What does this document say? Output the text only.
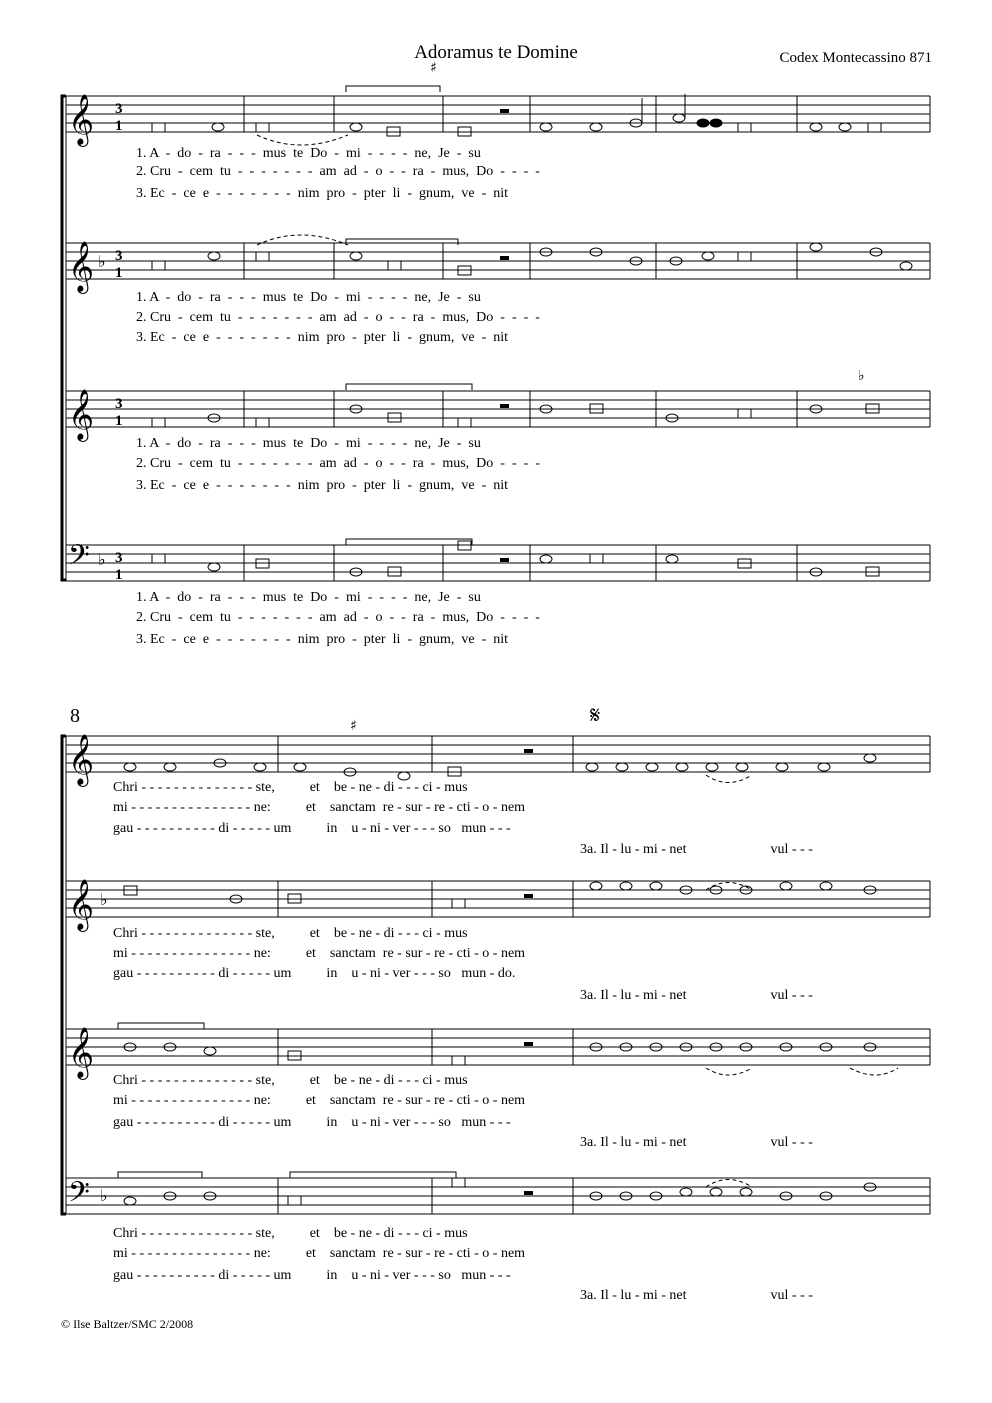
Adoramus te Domine	Codex Montecassino 871
8	𝄋
© Ilse Baltzer/SMC 2/2008
𝄞
𝄞
𝄞
𝄢
♭
♭
♯
♭
3
1
3
1
3
1
3
1
𝄞
𝄞
𝄞
𝄢
♭
♭
♯
1. A  -  do  -  ra  -  -  -  mus  te  Do  -  mi  -  -  -  -  ne,  Je  -  su
2. Cru  -  cem  tu  -  -  -  -  -  -  -  am  ad  -  o  -  -  ra  -  mus,  Do  -  -  -  -
3. Ec  -  ce  e  -  -  -  -  -  -  -  nim  pro  -  pter  li  -  gnum,  ve  -  nit
1. A  -  do  -  ra  -  -  -  mus  te  Do  -  mi  -  -  -  -  ne,  Je  -  su
2. Cru  -  cem  tu  -  -  -  -  -  -  -  am  ad  -  o  -  -  ra  -  mus,  Do  -  -  -  -
3. Ec  -  ce  e  -  -  -  -  -  -  -  nim  pro  -  pter  li  -  gnum,  ve  -  nit
1. A  -  do  -  ra  -  -  -  mus  te  Do  -  mi  -  -  -  -  ne,  Je  -  su
2. Cru  -  cem  tu  -  -  -  -  -  -  -  am  ad  -  o  -  -  ra  -  mus,  Do  -  -  -  -
3. Ec  -  ce  e  -  -  -  -  -  -  -  nim  pro  -  pter  li  -  gnum,  ve  -  nit
1. A  -  do  -  ra  -  -  -  mus  te  Do  -  mi  -  -  -  -  ne,  Je  -  su
2. Cru  -  cem  tu  -  -  -  -  -  -  -  am  ad  -  o  -  -  ra  -  mus,  Do  -  -  -  -
3. Ec  -  ce  e  -  -  -  -  -  -  -  nim  pro  -  pter  li  -  gnum,  ve  -  nit
Chri - - - - - - - - - - - - - - ste,          et    be - ne - di - - - ci - mus
mi - - - - - - - - - - - - - - - ne:          et    sanctam  re - sur - re - cti - o - nem
gau - - - - - - - - - - di - - - - - um          in    u - ni - ver - - - so   mun - - -
3a. Il - lu - mi - net                        vul - - -
Chri - - - - - - - - - - - - - - ste,          et    be - ne - di - - - ci - mus
mi - - - - - - - - - - - - - - - ne:          et    sanctam  re - sur - re - cti - o - nem
gau - - - - - - - - - - di - - - - - um          in    u - ni - ver - - - so   mun - do.
3a. Il - lu - mi - net                        vul - - -
Chri - - - - - - - - - - - - - - ste,          et    be - ne - di - - - ci - mus
mi - - - - - - - - - - - - - - - ne:          et    sanctam  re - sur - re - cti - o - nem
gau - - - - - - - - - - di - - - - - um          in    u - ni - ver - - - so   mun - - -
3a. Il - lu - mi - net                        vul - - -
Chri - - - - - - - - - - - - - - ste,          et    be - ne - di - - - ci - mus
mi - - - - - - - - - - - - - - - ne:          et    sanctam  re - sur - re - cti - o - nem
gau - - - - - - - - - - di - - - - - um          in    u - ni - ver - - - so   mun - - -
3a. Il - lu - mi - net                        vul - - -
